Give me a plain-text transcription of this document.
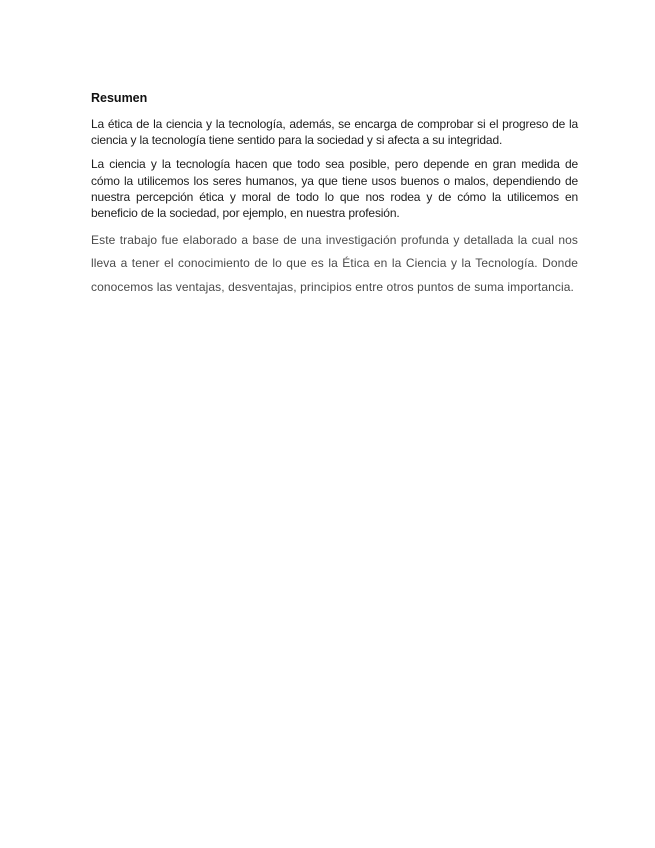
Resumen

La ética de la ciencia y la tecnología, además, se encarga de comprobar si el progreso de la ciencia y la tecnología tiene sentido para la sociedad y si afecta a su integridad.

La ciencia y la tecnología hacen que todo sea posible, pero depende en gran medida de cómo la utilicemos los seres humanos, ya que tiene usos buenos o malos, dependiendo de nuestra percepción ética y moral de todo lo que nos rodea y de cómo la utilicemos en beneficio de la sociedad, por ejemplo, en nuestra profesión.

Este trabajo fue elaborado a base de una investigación profunda y detallada la cual nos lleva a tener el conocimiento de lo que es la Ética en la Ciencia y la Tecnología. Donde conocemos las ventajas, desventajas, principios entre otros puntos de suma importancia.
